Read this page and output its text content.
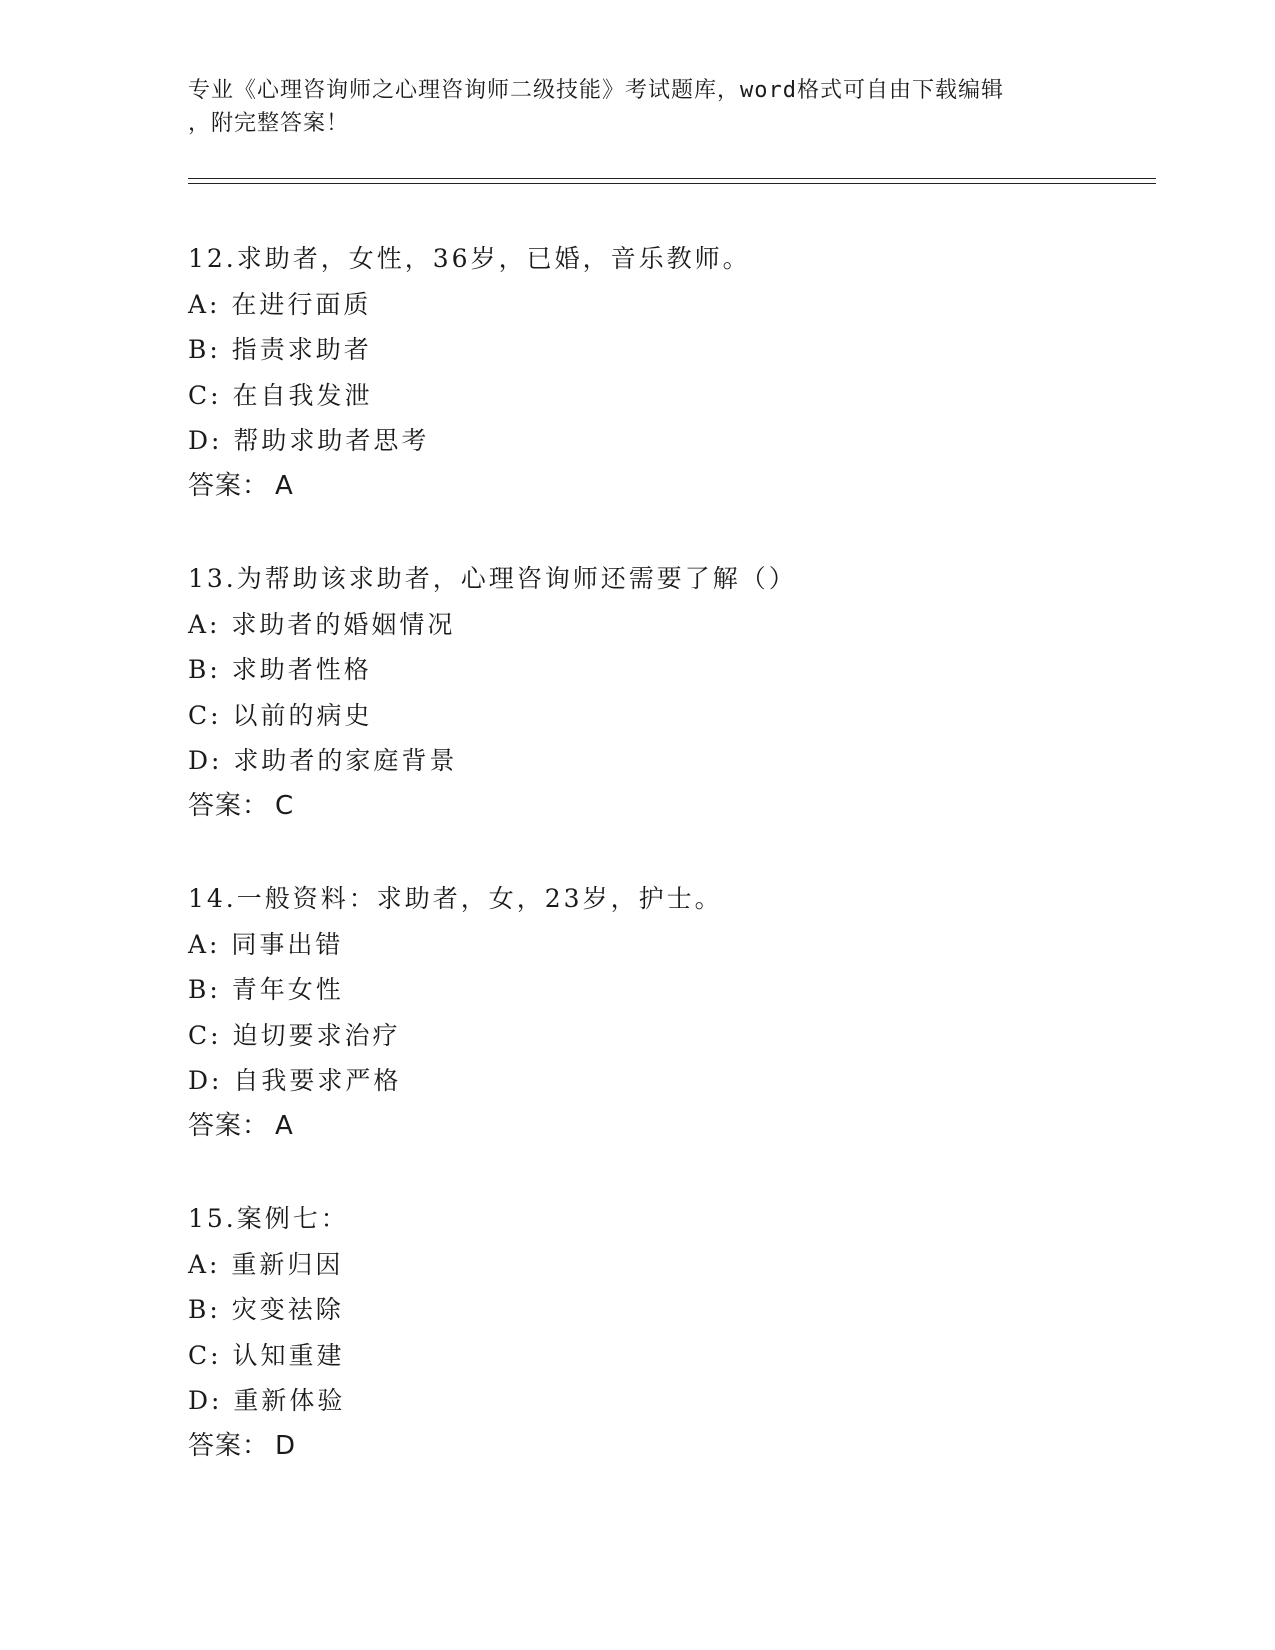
专业《心理咨询师之心理咨询师二级技能》考试题库，word格式可自由下载编辑
，附完整答案！
12.求助者，女性，36岁，已婚，音乐教师。
A: 在进行面质
B: 指责求助者
C: 在自我发泄
D: 帮助求助者思考
答案： A
13.为帮助该求助者，心理咨询师还需要了解（）
A: 求助者的婚姻情况
B: 求助者性格
C: 以前的病史
D: 求助者的家庭背景
答案： C
14.一般资料：求助者，女，23岁，护士。
A: 同事出错
B: 青年女性
C: 迫切要求治疗
D: 自我要求严格
答案： A
15.案例七：
A: 重新归因
B: 灾变祛除
C: 认知重建
D: 重新体验
答案： D
